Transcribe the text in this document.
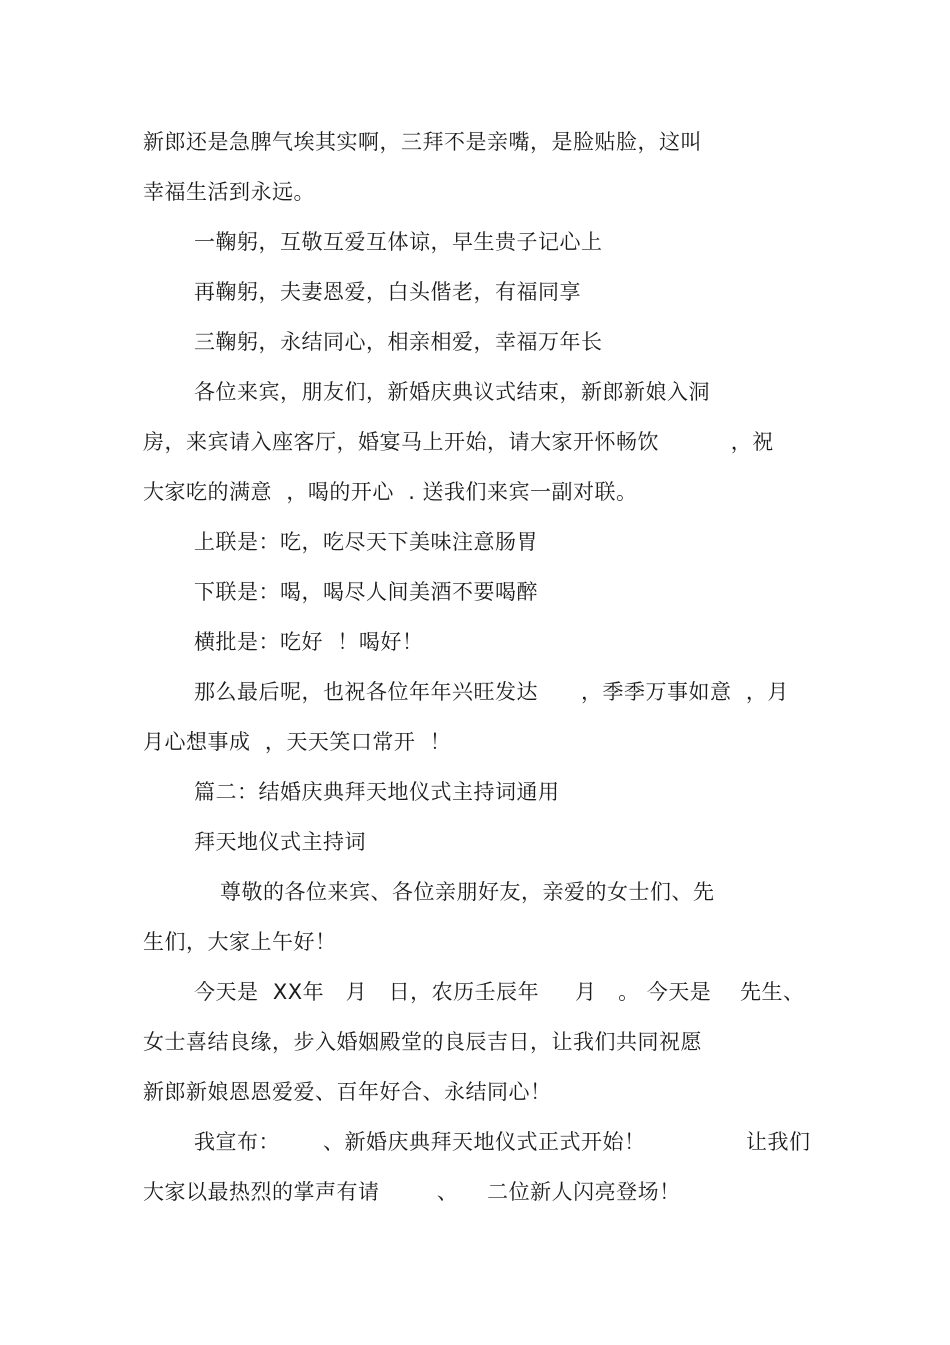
新郎还是急脾气埃其实啊，三拜不是亲嘴，是脸贴脸，这叫
幸福生活到永远。
一鞠躬，互敬互爱互体谅，早生贵子记心上
再鞠躬，夫妻恩爱，白头偕老，有福同享
三鞠躬，永结同心，相亲相爱，幸福万年长
各位来宾，朋友们，新婚庆典议式结束，新郎新娘入洞
房，来宾请入座客厅，婚宴马上开始，请大家开怀畅饮          ，祝
大家吃的满意  ，喝的开心  . 送我们来宾一副对联。
上联是：吃，吃尽天下美味注意肠胃
下联是：喝，喝尽人间美酒不要喝醉
横批是：吃好  ！喝好！
那么最后呢，也祝各位年年兴旺发达      ，季季万事如意  ，月
月心想事成  ，天天笑口常开  ！
篇二：结婚庆典拜天地仪式主持词通用
拜天地仪式主持词
尊敬的各位来宾、各位亲朋好友，亲爱的女士们、先
生们，大家上午好！
今天是  XX年   月   日，农历壬辰年     月   。 今天是    先生、
女士喜结良缘，步入婚姻殿堂的良辰吉日，让我们共同祝愿
新郎新娘恩恩爱爱、百年好合、永结同心！
我宣布：      、新婚庆典拜天地仪式正式开始！              让我们
大家以最热烈的掌声有请        、    二位新人闪亮登场！
